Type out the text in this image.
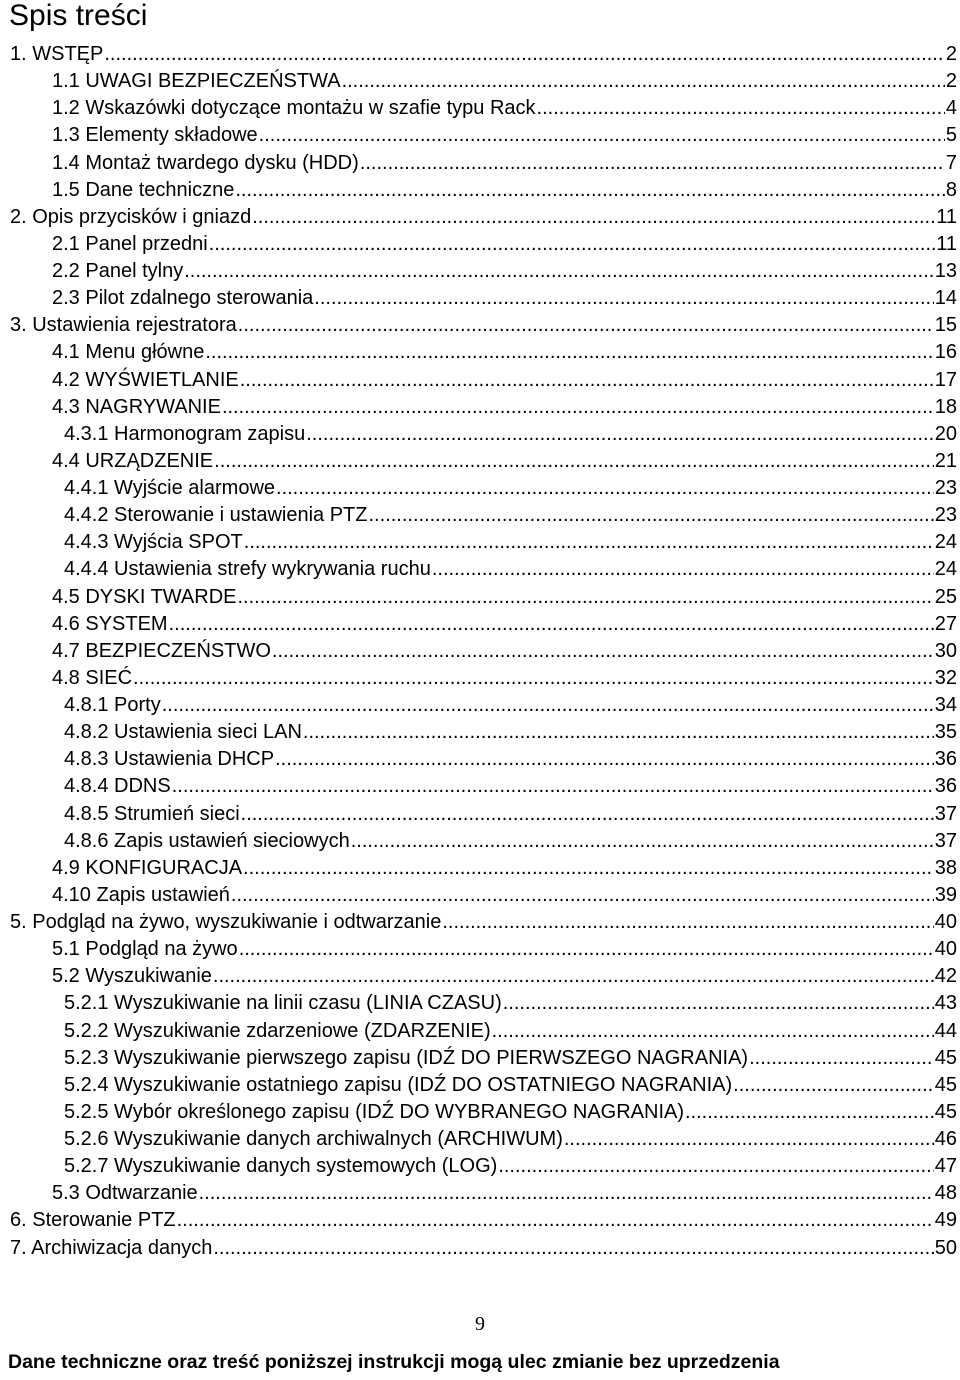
Spis treści
1. WSTĘP .....	2
1.1 UWAGI BEZPIECZEŃSTWA .....	2
1.2 Wskazówki dotyczące montażu w szafie typu Rack .....	4
1.3 Elementy składowe .....	5
1.4 Montaż twardego dysku (HDD) .....	7
1.5 Dane techniczne .....	8
2. Opis przycisków i gniazd .....	11
2.1 Panel przedni .....	11
2.2 Panel tylny .....	13
2.3 Pilot zdalnego sterowania .....	14
3. Ustawienia rejestratora .....	15
4.1 Menu główne .....	16
4.2 WYŚWIETLANIE .....	17
4.3 NAGRYWANIE .....	18
4.3.1 Harmonogram zapisu .....	20
4.4 URZĄDZENIE .....	21
4.4.1 Wyjście alarmowe .....	23
4.4.2 Sterowanie i ustawienia PTZ .....	23
4.4.3 Wyjścia SPOT .....	24
4.4.4 Ustawienia strefy wykrywania ruchu .....	24
4.5 DYSKI TWARDE .....	25
4.6 SYSTEM .....	27
4.7 BEZPIECZEŃSTWO .....	30
4.8 SIEĆ .....	32
4.8.1 Porty .....	34
4.8.2 Ustawienia sieci LAN .....	35
4.8.3 Ustawienia DHCP .....	36
4.8.4 DDNS .....	36
4.8.5 Strumień sieci .....	37
4.8.6 Zapis ustawień sieciowych .....	37
4.9 KONFIGURACJA .....	38
4.10 Zapis ustawień .....	39
5. Podgląd na żywo, wyszukiwanie i odtwarzanie .....	40
5.1 Podgląd na żywo .....	40
5.2 Wyszukiwanie .....	42
5.2.1 Wyszukiwanie na linii czasu (LINIA CZASU) .....	43
5.2.2 Wyszukiwanie zdarzeniowe (ZDARZENIE) .....	44
5.2.3 Wyszukiwanie pierwszego zapisu (IDŹ DO PIERWSZEGO NAGRANIA) .....	45
5.2.4 Wyszukiwanie ostatniego zapisu (IDŹ DO OSTATNIEGO NAGRANIA) .....	45
5.2.5 Wybór określonego zapisu (IDŹ DO WYBRANEGO NAGRANIA) .....	45
5.2.6 Wyszukiwanie danych archiwalnych (ARCHIWUM) .....	46
5.2.7 Wyszukiwanie danych systemowych (LOG) .....	47
5.3 Odtwarzanie .....	48
6. Sterowanie PTZ .....	49
7. Archiwizacja danych .....	50
9
Dane techniczne oraz treść poniższej instrukcji mogą ulec zmianie bez uprzedzenia
